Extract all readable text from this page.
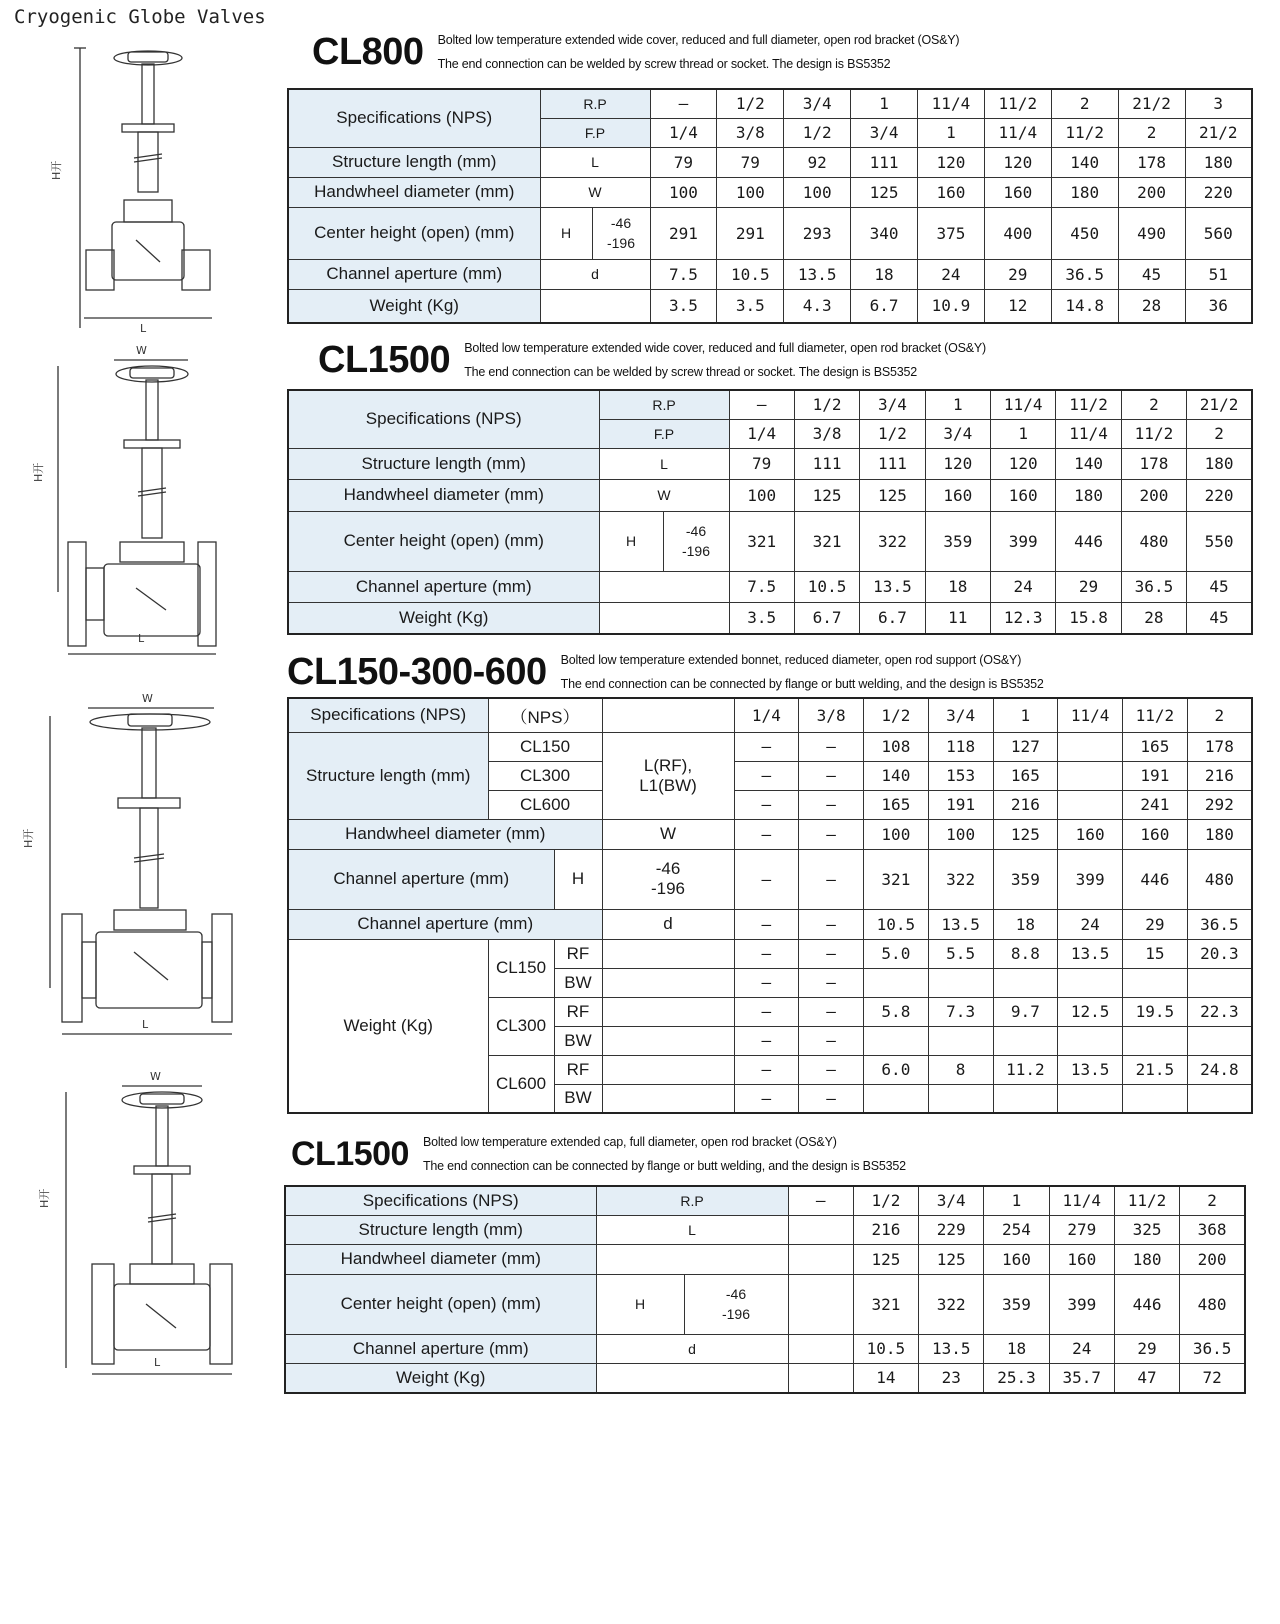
Cryogenic Globe Valves
H开
L
W
H开
L
W
H开
L
W
H开
L
CL800 Bolted low temperature extended wide cover, reduced and full diameter, open rod bracket (OS&Y)
The end connection can be welded by screw thread or socket. The design is BS5352
Specifications (NPS)	R.P		–	1/2	3/4	1	11/4	11/2	2	21/2	3
	F.P		1/4	3/8	1/2	3/4	1	11/4	11/2	2	21/2
Structure length (mm)	L		79	79	92	111	120	120	140	178	180
Handwheel diameter (mm)	W		100	100	100	125	160	160	180	200	220
Center height (open) (mm)	H	-46
-196	291	291	293	340	375	400	450	490	560
Channel aperture (mm)	d		7.5	10.5	13.5	18	24	29	36.5	45	51
Weight (Kg)			3.5	3.5	4.3	6.7	10.9	12	14.8	28	36
CL1500 Bolted low temperature extended wide cover, reduced and full diameter, open rod bracket (OS&Y)
The end connection can be welded by screw thread or socket. The design is BS5352
Specifications (NPS)	R.P		–	1/2	3/4	1	11/4	11/2	2	21/2
	F.P		1/4	3/8	1/2	3/4	1	11/4	11/2	2
Structure length (mm)	L		79	111	111	120	120	140	178	180
Handwheel diameter (mm)	W		100	125	125	160	160	180	200	220
Center height (open) (mm)	H	-46
-196	321	321	322	359	399	446	480	550
Channel aperture (mm)			7.5	10.5	13.5	18	24	29	36.5	45
Weight (Kg)			3.5	6.7	6.7	11	12.3	15.8	28	45
CL150-300-600 Bolted low temperature extended bonnet, reduced diameter, open rod support (OS&Y)
The end connection can be connected by flange or butt welding, and the design is BS5352
Specifications (NPS)	（NPS）			1/4	3/8	1/2	3/4	1	11/4	11/2	2
Structure length (mm)	CL150		L(RF),
L1(BW)	–	–	108	118	127		165	178
	CL300			–	–	140	153	165		191	216
	CL600			–	–	165	191	216		241	292
Handwheel diameter (mm)			W	–	–	100	100	125	160	160	180
Channel aperture (mm)		H	-46
-196	–	–	321	322	359	399	446	480
Channel aperture (mm)			d	–	–	10.5	13.5	18	24	29	36.5
Weight (Kg)	CL150	RF		–	–	5.0	5.5	8.8	13.5	15	20.3
		BW		–	–						
	CL300	RF		—	–	5.8	7.3	9.7	12.5	19.5	22.3
		BW		–	–						
	CL600	RF		–	–	6.0	8	11.2	13.5	21.5	24.8
		BW		–	–						
CL1500 Bolted low temperature extended cap, full diameter, open rod bracket (OS&Y)
The end connection can be connected by flange or butt welding, and the design is BS5352
Specifications (NPS)	R.P		–	1/2	3/4	1	11/4	11/2	2
Structure length (mm)	L			216	229	254	279	325	368
Handwheel diameter (mm)				125	125	160	160	180	200
Center height (open) (mm)	H	-46
-196		321	322	359	399	446	480
Channel aperture (mm)	d			10.5	13.5	18	24	29	36.5
Weight (Kg)				14	23	25.3	35.7	47	72
